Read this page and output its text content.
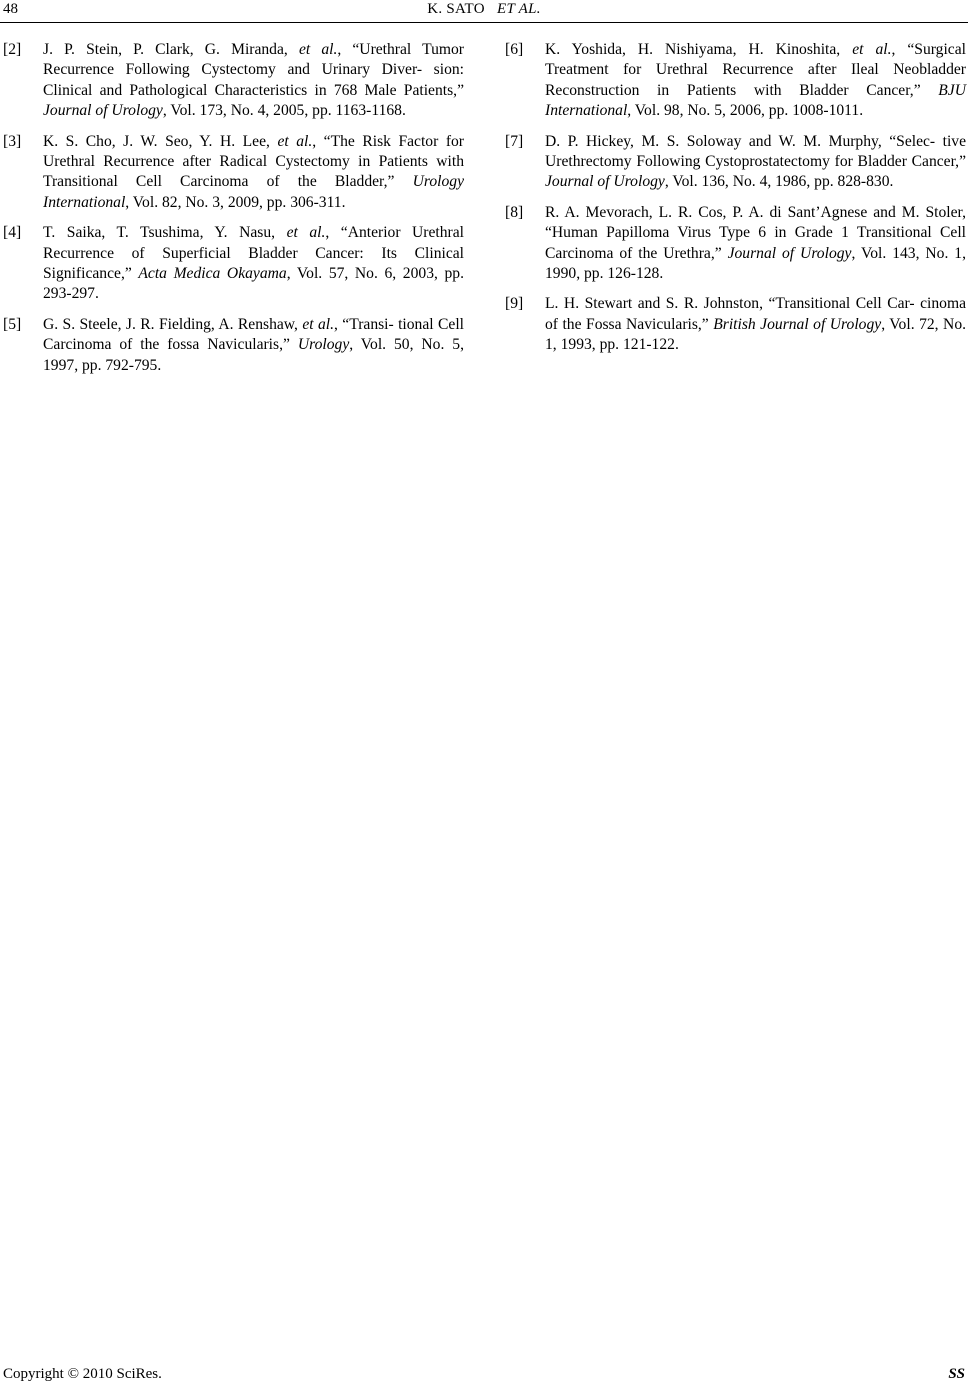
48	K. SATO ET AL.
[2] J. P. Stein, P. Clark, G. Miranda, et al., “Urethral Tumor Recurrence Following Cystectomy and Urinary Diver- sion: Clinical and Pathological Characteristics in 768 Male Patients,” Journal of Urology, Vol. 173, No. 4, 2005, pp. 1163-1168.
[3] K. S. Cho, J. W. Seo, Y. H. Lee, et al., “The Risk Factor for Urethral Recurrence after Radical Cystectomy in Patients with Transitional Cell Carcinoma of the Bladder,” Urology International, Vol. 82, No. 3, 2009, pp. 306-311.
[4] T. Saika, T. Tsushima, Y. Nasu, et al., “Anterior Urethral Recurrence of Superficial Bladder Cancer: Its Clinical Significance,” Acta Medica Okayama, Vol. 57, No. 6, 2003, pp. 293-297.
[5] G. S. Steele, J. R. Fielding, A. Renshaw, et al., “Transi- tional Cell Carcinoma of the fossa Navicularis,” Urology, Vol. 50, No. 5, 1997, pp. 792-795.
[6] K. Yoshida, H. Nishiyama, H. Kinoshita, et al., “Surgical Treatment for Urethral Recurrence after Ileal Neobladder Reconstruction in Patients with Bladder Cancer,” BJU International, Vol. 98, No. 5, 2006, pp. 1008-1011.
[7] D. P. Hickey, M. S. Soloway and W. M. Murphy, “Selec- tive Urethrectomy Following Cystoprostatectomy for Bladder Cancer,” Journal of Urology, Vol. 136, No. 4, 1986, pp. 828-830.
[8] R. A. Mevorach, L. R. Cos, P. A. di Sant’Agnese and M. Stoler, “Human Papilloma Virus Type 6 in Grade 1 Transitional Cell Carcinoma of the Urethra,” Journal of Urology, Vol. 143, No. 1, 1990, pp. 126-128.
[9] L. H. Stewart and S. R. Johnston, “Transitional Cell Car- cinoma of the Fossa Navicularis,” British Journal of Urology, Vol. 72, No. 1, 1993, pp. 121-122.
Copyright © 2010 SciRes.	SS
